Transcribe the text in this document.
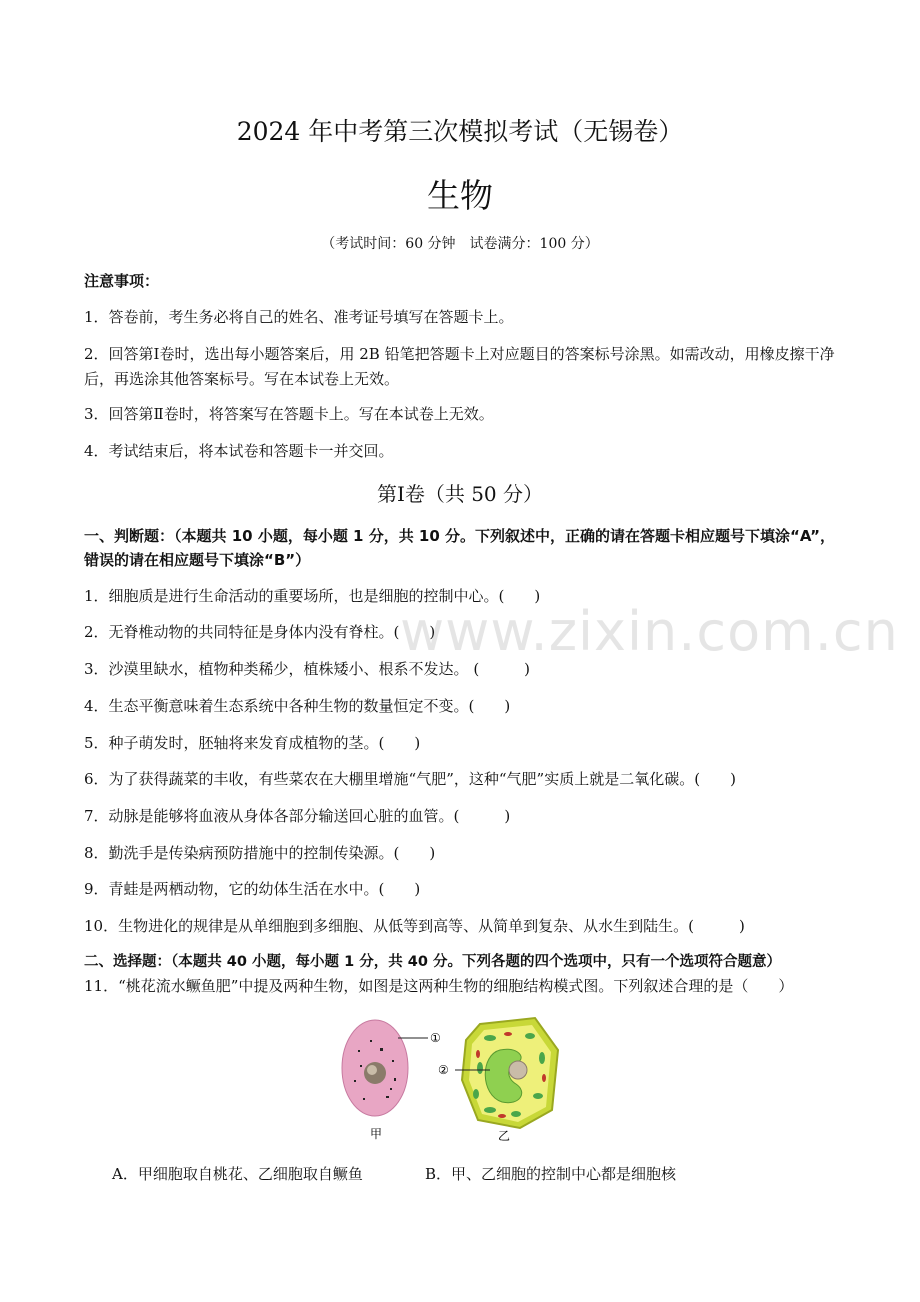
2024 年中考第三次模拟考试（无锡卷）
生物
（考试时间：60 分钟　试卷满分：100 分）
注意事项：
1．答卷前，考生务必将自己的姓名、准考证号填写在答题卡上。
2．回答第Ⅰ卷时，选出每小题答案后，用 2B 铅笔把答题卡上对应题目的答案标号涂黑。如需改动，用橡皮擦干净后，再选涂其他答案标号。写在本试卷上无效。
3．回答第Ⅱ卷时，将答案写在答题卡上。写在本试卷上无效。
4．考试结束后，将本试卷和答题卡一并交回。
第Ⅰ卷（共 50 分）
一、判断题：（本题共 10 小题，每小题 1 分，共 10 分。下列叙述中，正确的请在答题卡相应题号下填涂“A”，错误的请在相应题号下填涂“B”）
1．细胞质是进行生命活动的重要场所，也是细胞的控制中心。(　　)
2．无脊椎动物的共同特征是身体内没有脊柱。(　　)
3．沙漠里缺水，植物种类稀少，植株矮小、根系不发达。 (　　　)
4．生态平衡意味着生态系统中各种生物的数量恒定不变。(　　)
5．种子萌发时，胚轴将来发育成植物的茎。(　　)
6．为了获得蔬菜的丰收，有些菜农在大棚里增施“气肥”，这种“气肥”实质上就是二氧化碳。(　　)
7．动脉是能够将血液从身体各部分输送回心脏的血管。(　　　)
8．勤洗手是传染病预防措施中的控制传染源。(　　)
9．青蛙是两栖动物，它的幼体生活在水中。(　　)
10．生物进化的规律是从单细胞到多细胞、从低等到高等、从简单到复杂、从水生到陆生。(　　　)
二、选择题：（本题共 40 小题，每小题 1 分，共 40 分。下列各题的四个选项中，只有一个选项符合题意）
11．“桃花流水鳜鱼肥”中提及两种生物，如图是这两种生物的细胞结构模式图。下列叙述合理的是（　　）
www.zixin.com.cn
①
②
甲	乙
A．甲细胞取自桃花、乙细胞取自鳜鱼	B．甲、乙细胞的控制中心都是细胞核
